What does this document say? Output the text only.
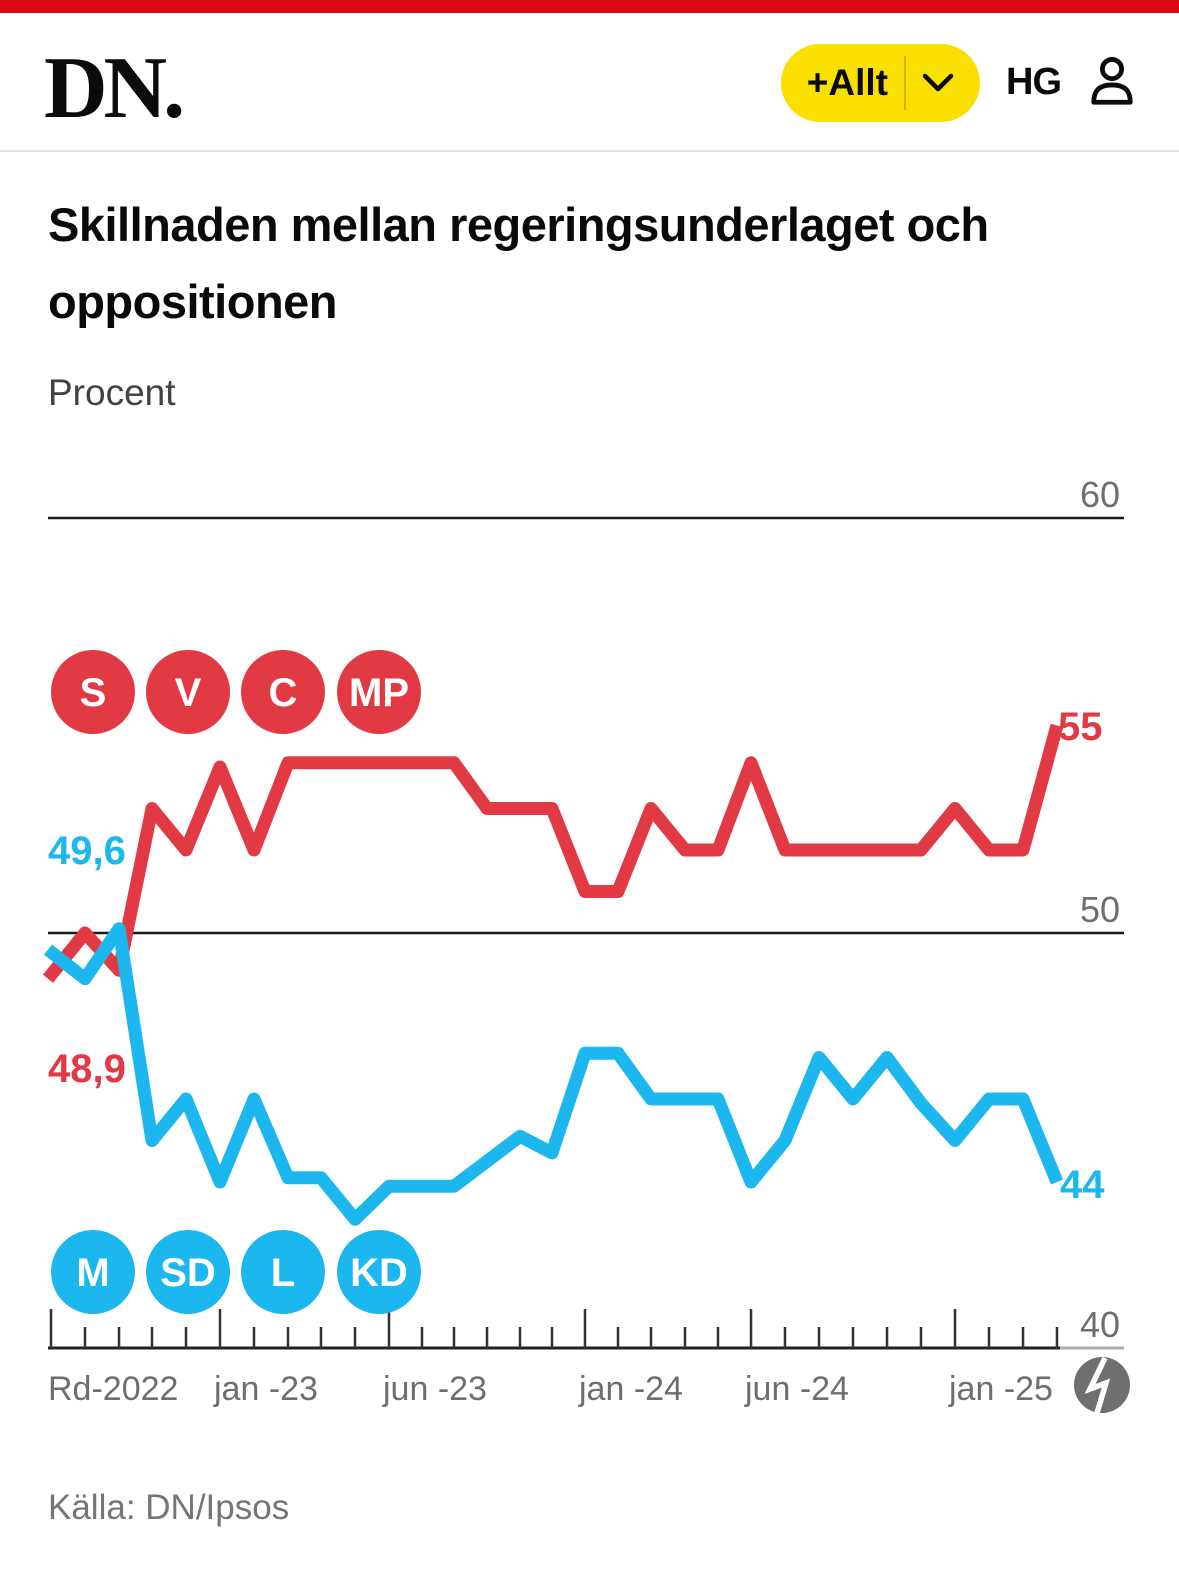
DN.	+Allt	HG
Skillnaden mellan regeringsunderlaget och oppositionen
Procent
S V C MP
M SD L KD
49,6
48,9
55
44
60
50
40
Rd-2022 jan -23 jun -23	jan -24 jun -24	jan -25
Källa: DN/Ipsos
